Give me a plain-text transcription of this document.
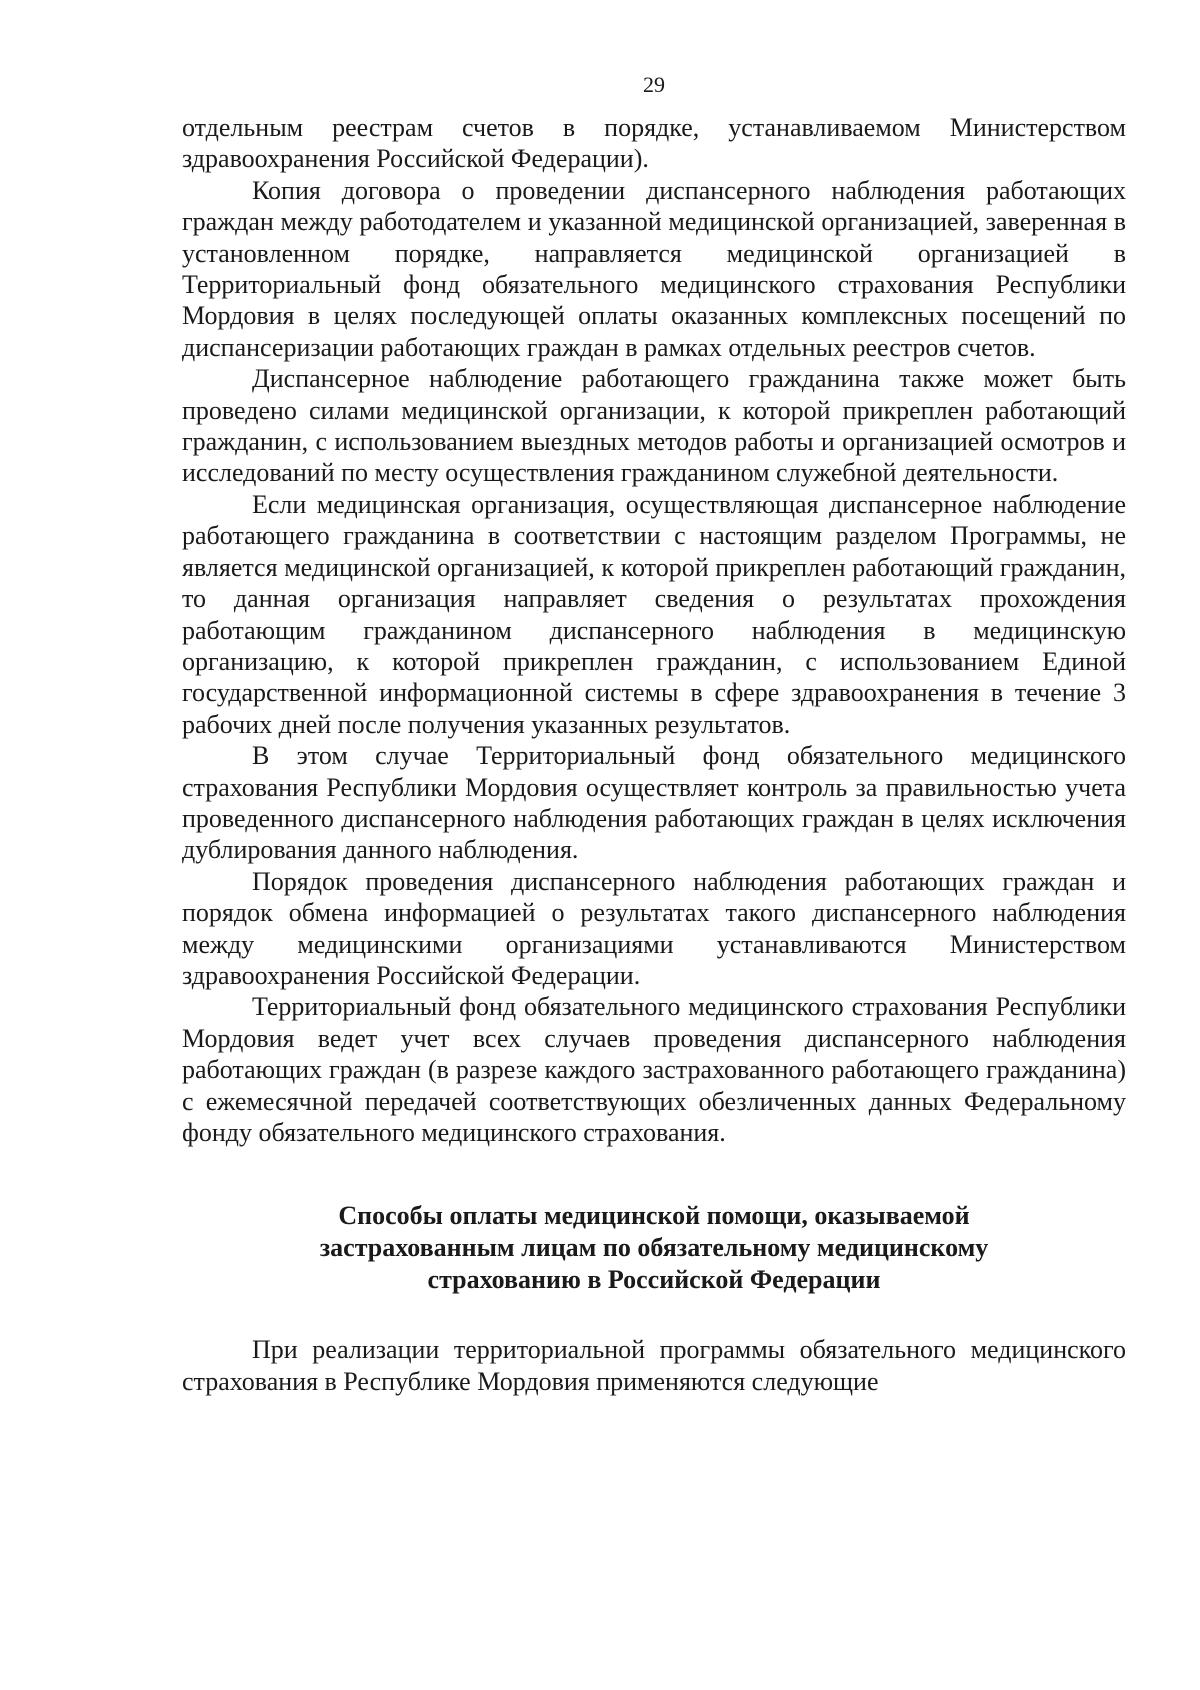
29

отдельным реестрам счетов в порядке, устанавливаемом Министерством здравоохранения Российской Федерации).

Копия договора о проведении диспансерного наблюдения работающих граждан между работодателем и указанной медицинской организацией, заверенная в установленном порядке, направляется медицинской организацией в Территориальный фонд обязательного медицинского страхования Республики Мордовия в целях последующей оплаты оказанных комплексных посещений по диспансеризации работающих граждан в рамках отдельных реестров счетов.

Диспансерное наблюдение работающего гражданина также может быть проведено силами медицинской организации, к которой прикреплен работающий гражданин, с использованием выездных методов работы и организацией осмотров и исследований по месту осуществления гражданином служебной деятельности.

Если медицинская организация, осуществляющая диспансерное наблюдение работающего гражданина в соответствии с настоящим разделом Программы, не является медицинской организацией, к которой прикреплен работающий гражданин, то данная организация направляет сведения о результатах прохождения работающим гражданином диспансерного наблюдения в медицинскую организацию, к которой прикреплен гражданин, с использованием Единой государственной информационной системы в сфере здравоохранения в течение 3 рабочих дней после получения указанных результатов.

В этом случае Территориальный фонд обязательного медицинского страхования Республики Мордовия осуществляет контроль за правильностью учета проведенного диспансерного наблюдения работающих граждан в целях исключения дублирования данного наблюдения.

Порядок проведения диспансерного наблюдения работающих граждан и порядок обмена информацией о результатах такого диспансерного наблюдения между медицинскими организациями устанавливаются Министерством здравоохранения Российской Федерации.

Территориальный фонд обязательного медицинского страхования Республики Мордовия ведет учет всех случаев проведения диспансерного наблюдения работающих граждан (в разрезе каждого застрахованного работающего гражданина) с ежемесячной передачей соответствующих обезличенных данных Федеральному фонду обязательного медицинского страхования.

Способы оплаты медицинской помощи, оказываемой
застрахованным лицам по обязательному медицинскому
страхованию в Российской Федерации

При реализации территориальной программы обязательного медицинского страхования в Республике Мордовия применяются следующие
